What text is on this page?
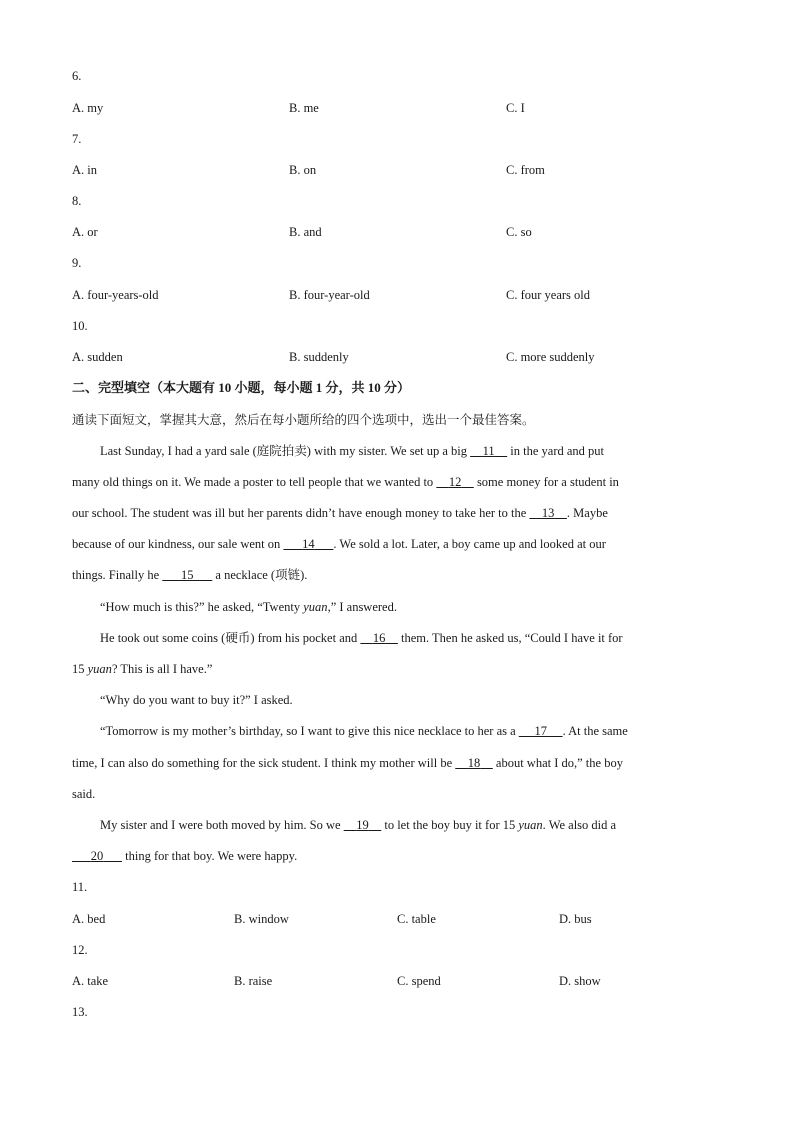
6.
A. my	B. me	C. I
7.
A. in	B. on	C. from
8.
A. or	B. and	C. so
9.
A. four-years-old	B. four-year-old	C. four years old
10.
A. sudden	B. suddenly	C. more suddenly
二、完型填空（本大题有 10 小题，每小题 1 分，共 10 分）
通读下面短文，掌握其大意，然后在每小题所给的四个选项中，选出一个最佳答案。
Last Sunday, I had a yard sale (庭院拍卖) with my sister. We set up a big     11     in the yard and put
many old things on it. We made a poster to tell people that we wanted to     12     some money for a student in
our school. The student was ill but her parents didn’t have enough money to take her to the     13 . Maybe
because of our kindness, our sale went on       14 . We sold a lot. Later, a boy came up and looked at our
things. Finally he       15       a necklace (项链).
“How much is this?” he asked, “Twenty yuan,” I answered.
He took out some coins (硬币) from his pocket and     16     them. Then he asked us, “Could I have it for
15 yuan? This is all I have.”
“Why do you want to buy it?” I asked.
“Tomorrow is my mother’s birthday, so I want to give this nice necklace to her as a      17 . At the same
time, I can also do something for the sick student. I think my mother will be     18     about what I do,” the boy
said.
My sister and I were both moved by him. So we     19     to let the boy buy it for 15 yuan. We also did a
20       thing for that boy. We were happy.
11.
A. bed	B. window	C. table	D. bus
12.
A. take	B. raise	C. spend	D. show
13.
